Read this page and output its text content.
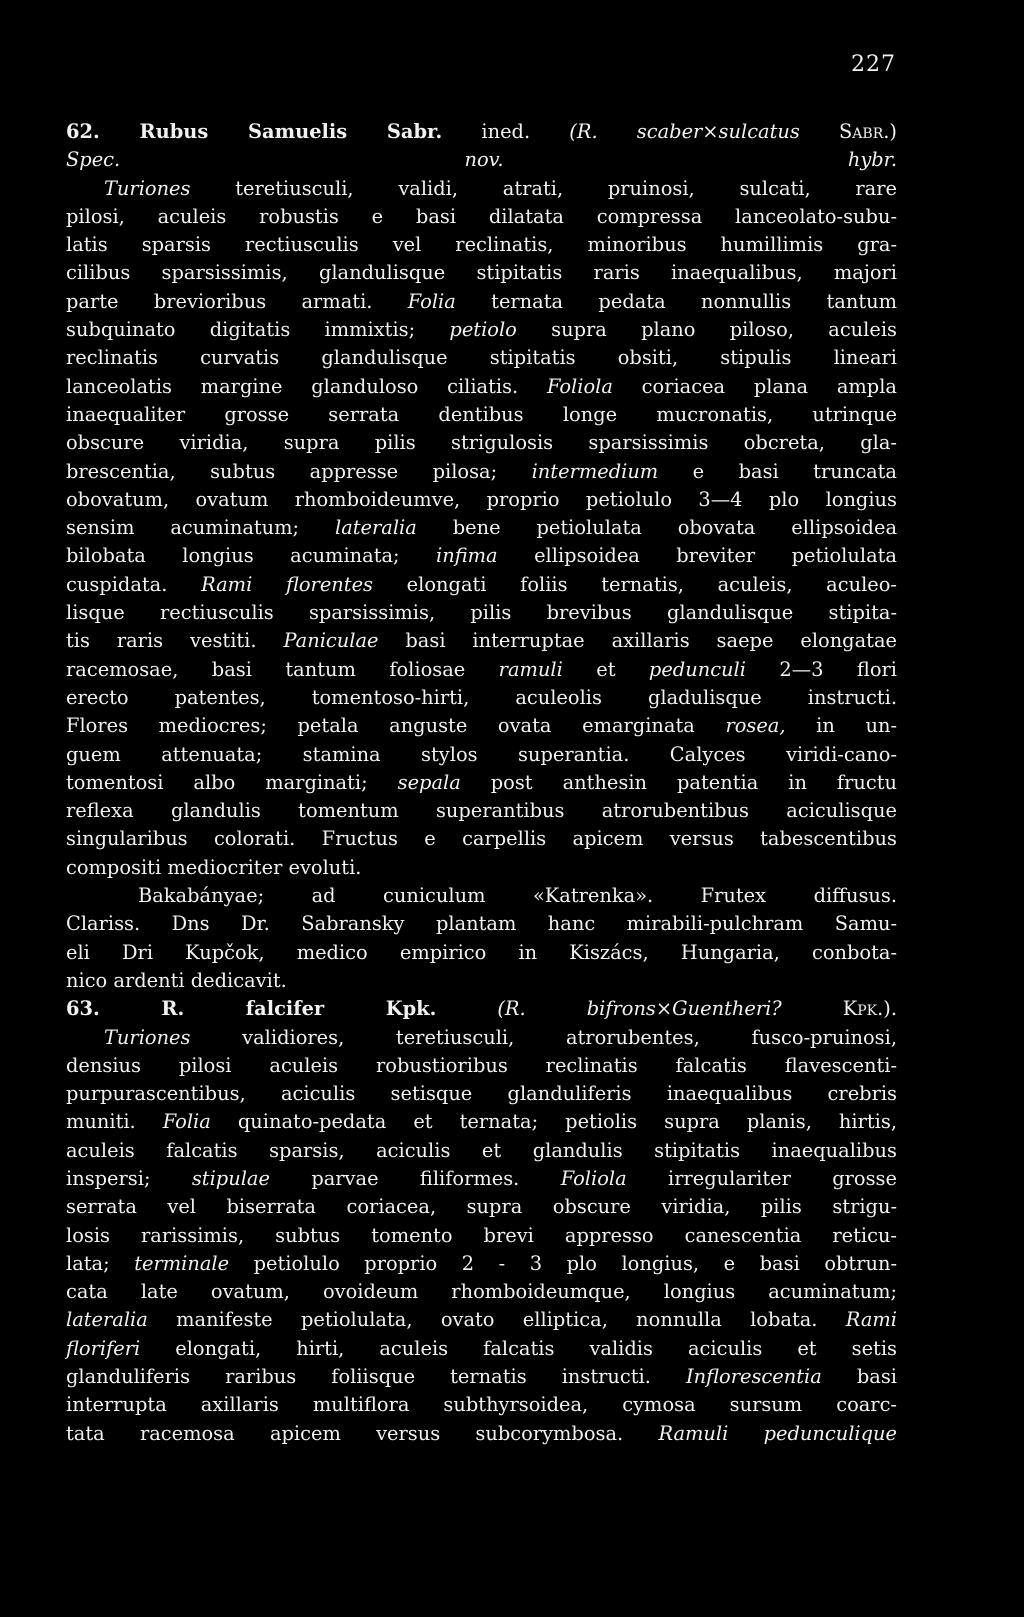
227
62. Rubus Samuelis Sabr. ined. (R. scaber×sulcatus Sabr.)
Spec. nov. hybr.
Turiones teretiusculi, validi, atrati, pruinosi, sulcati, rare
pilosi, aculeis robustis e basi dilatata compressa lanceolato-subu-
latis sparsis rectiusculis vel reclinatis, minoribus humillimis gra-
cilibus sparsissimis, glandulisque stipitatis raris inaequalibus, majori
parte brevioribus armati. Folia ternata pedata nonnullis tantum
subquinato digitatis immixtis; petiolo supra plano piloso, aculeis
reclinatis curvatis glandulisque stipitatis obsiti, stipulis lineari
lanceolatis margine glanduloso ciliatis. Foliola coriacea plana ampla
inaequaliter grosse serrata dentibus longe mucronatis, utrinque
obscure viridia, supra pilis strigulosis sparsissimis obcreta, gla-
brescentia, subtus appresse pilosa; intermedium e basi truncata
obovatum, ovatum rhomboideumve, proprio petiolulo 3—4 plo longius
sensim acuminatum; lateralia bene petiolulata obovata ellipsoidea
bilobata longius acuminata; infima ellipsoidea breviter petiolulata
cuspidata. Rami florentes elongati foliis ternatis, aculeis, aculeo-
lisque rectiusculis sparsissimis, pilis brevibus glandulisque stipita-
tis raris vestiti. Paniculae basi interruptae axillaris saepe elongatae
racemosae, basi tantum foliosae ramuli et pedunculi 2—3 flori
erecto patentes, tomentoso-hirti, aculeolis gladulisque instructi.
Flores mediocres; petala anguste ovata emarginata rosea, in un-
guem attenuata; stamina stylos superantia. Calyces viridi-cano-
tomentosi albo marginati; sepala post anthesin patentia in fructu
reflexa glandulis tomentum superantibus atrorubentibus aciculisque
singularibus colorati. Fructus e carpellis apicem versus tabescentibus
compositi mediocriter evoluti.
Bakabányae; ad cuniculum «Katrenka». Frutex diffusus.
Clariss. Dns Dr. Sabransky plantam hanc mirabili-pulchram Samu-
eli Dri Kupčok, medico empirico in Kiszács, Hungaria, conbota-
nico ardenti dedicavit.
63. R. falcifer Kpk.	(R. bifrons×Guentheri?	Kpk.).
Turiones validiores, teretiusculi, atrorubentes, fusco-pruinosi,
densius pilosi aculeis robustioribus reclinatis falcatis flavescenti-
purpurascentibus, aciculis setisque glanduliferis inaequalibus crebris
muniti. Folia quinato-pedata et ternata; petiolis supra planis, hirtis,
aculeis falcatis sparsis, aciculis et glandulis stipitatis inaequalibus
inspersi; stipulae parvae filiformes. Foliola irregulariter grosse
serrata vel biserrata coriacea, supra obscure viridia, pilis strigu-
losis rarissimis, subtus tomento brevi appresso canescentia reticu-
lata; terminale petiolulo proprio 2 - 3 plo longius, e basi obtrun-
cata late ovatum, ovoideum rhomboideumque, longius acuminatum;
lateralia manifeste petiolulata, ovato elliptica, nonnulla lobata. Rami
floriferi elongati, hirti, aculeis falcatis validis aciculis et setis
glanduliferis raribus foliisque ternatis instructi. Inflorescentia basi
interrupta axillaris multiflora subthyrsoidea, cymosa sursum coarc-
tata racemosa apicem versus subcorymbosa. Ramuli pedunculique
